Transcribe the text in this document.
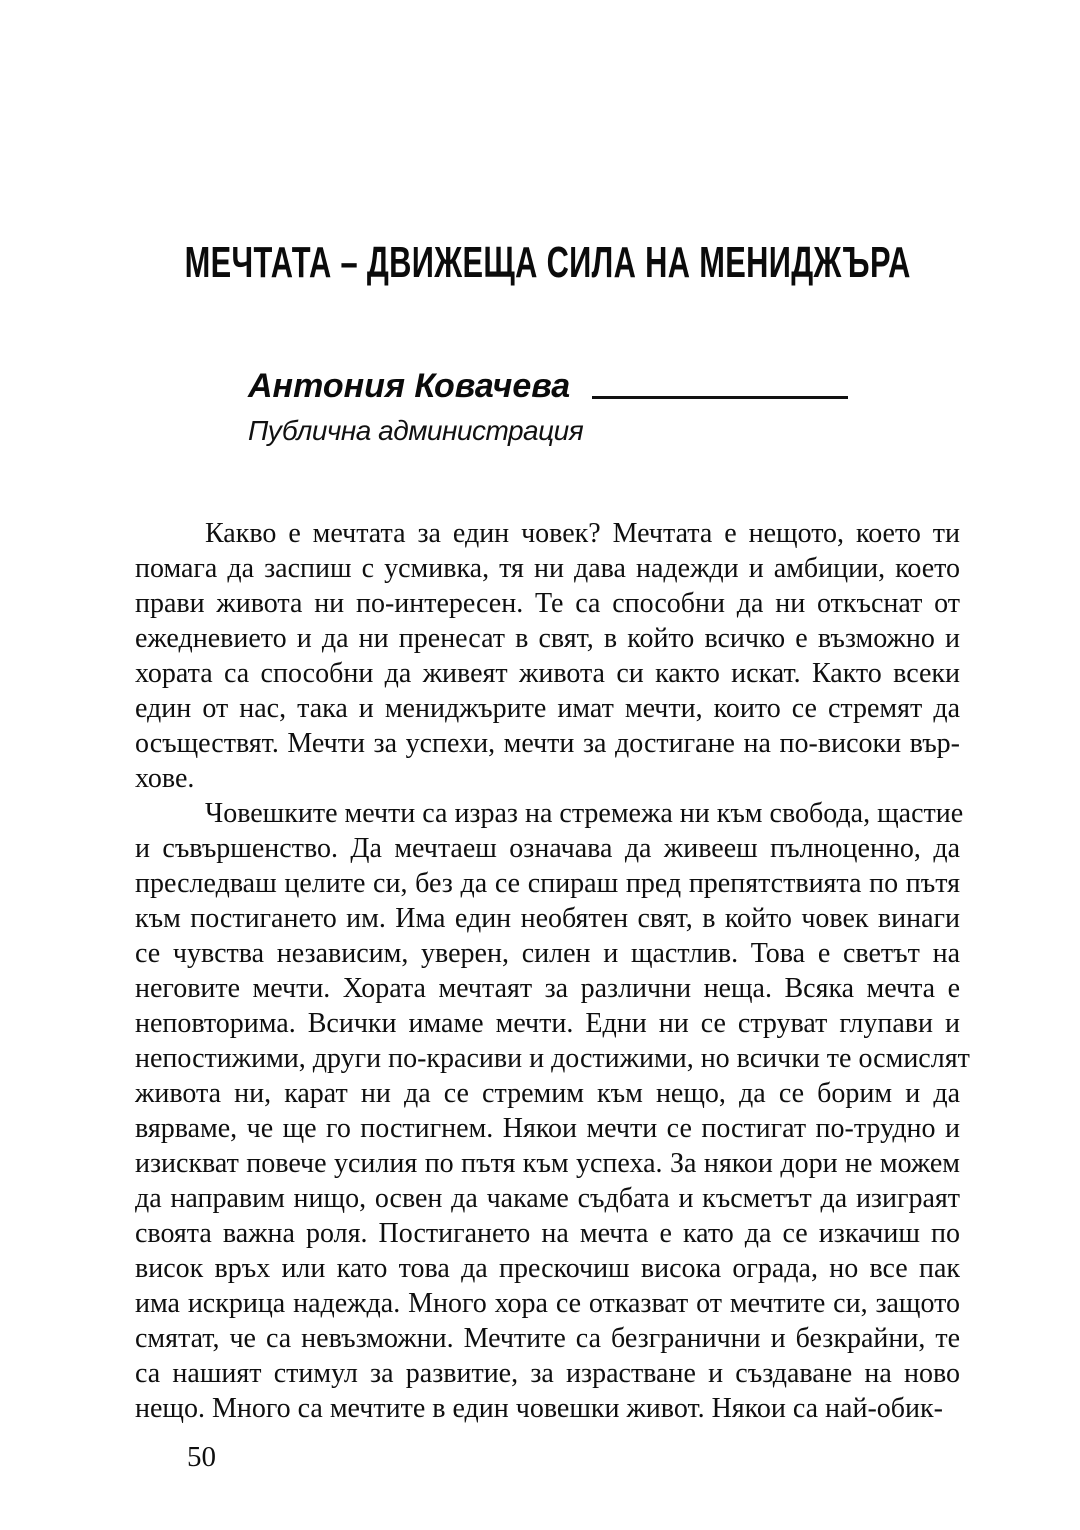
МЕЧТАТА – ДВИЖЕЩА СИЛА НА МЕНИДЖЪРА
Антония Ковачева
Публична администрация
Какво е мечтата за един човек? Мечтата е нещото, което ти
помага да заспиш с усмивка, тя ни дава надежди и амбиции, което
прави живота ни по-интересен. Те са способни да ни откъснат от
ежедневието и да ни пренесат в свят, в който всичко е възможно и
хората са способни да живеят живота си както искат. Както всеки
един от нас, така и мениджърите имат мечти, които се стремят да
осъществят. Мечти за успехи, мечти за достигане на по-високи вър-
хове.
Човешките мечти са израз на стремежа ни към свобода, щастие
и съвършенство. Да мечтаеш означава да живееш пълноценно, да
преследваш целите си, без да се спираш пред препятствията по пътя
към постигането им. Има един необятен свят, в който човек винаги
се чувства независим, уверен, силен и щастлив. Това е светът на
неговите мечти. Хората мечтаят за различни неща. Всяка мечта е
неповторима. Всички имаме мечти. Едни ни се струват глупави и
непостижими, други по-красиви и достижими, но всички те осмислят
живота ни, карат ни да се стремим към нещо, да се борим и да
вярваме, че ще го постигнем. Някои мечти се постигат по-трудно и
изискват повече усилия по пътя към успеха. За някои дори не можем
да направим нищо, освен да чакаме съдбата и късметът да изиграят
своята важна роля. Постигането на мечта е като да се изкачиш по
висок връх или като това да прескочиш висока ограда, но все пак
има искрица надежда. Много хора се отказват от мечтите си, защото
смятат, че са невъзможни. Мечтите са безгранични и безкрайни, те
са нашият стимул за развитие, за израстване и създаване на ново
нещо. Много са мечтите в един човешки живот. Някои са най-обик-
50
